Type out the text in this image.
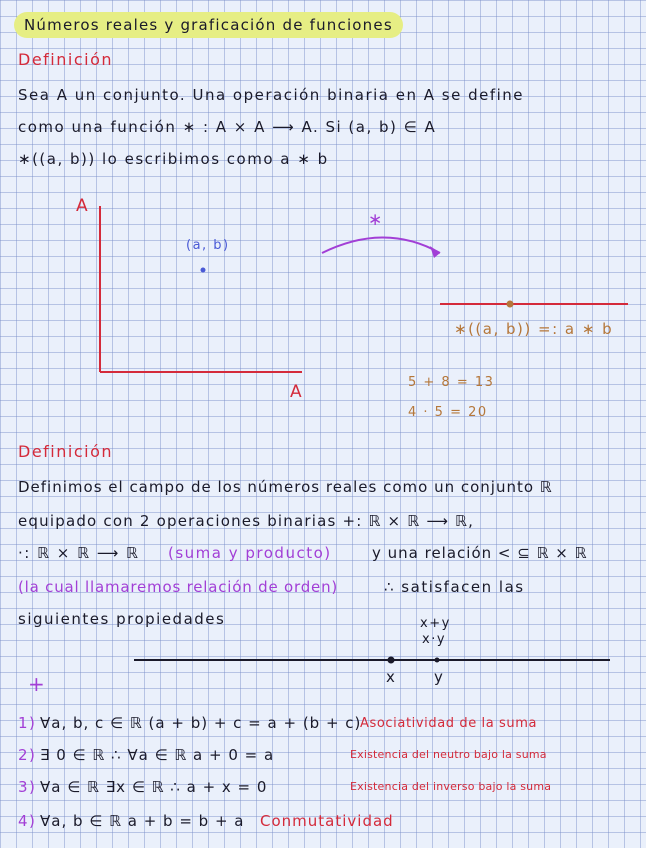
Números reales y graficación de funciones
Definición
Sea A un conjunto. Una operación binaria en A se define
como una función ∗ : A × A ⟶ A. Si (a, b) ∈ A
∗((a, b)) lo escribimos como a ∗ b
A
A
(a, b)
∗
∗((a, b)) =: a ∗ b
5 + 8 = 13
4 · 5 = 20
Definición
Definimos el campo de los números reales como un conjunto ℝ
equipado con 2 operaciones binarias +: ℝ × ℝ ⟶ ℝ,
·: ℝ × ℝ ⟶ ℝ (suma y producto)	y una relación < ⊆ ℝ × ℝ
(la cual llamaremos relación de orden)	∴ satisfacen las
siguientes propiedades	x+y
x·y
x	y
+
1) ∀a, b, c ∈ ℝ (a + b) + c = a + (b + c)
Asociatividad de la suma
2) ∃ 0 ∈ ℝ ∴ ∀a ∈ ℝ a + 0 = a	Existencia del neutro bajo la suma
3) ∀a ∈ ℝ ∃x ∈ ℝ ∴ a + x = 0	Existencia del inverso bajo la suma
4) ∀a, b ∈ ℝ a + b = b + a Conmutatividad
